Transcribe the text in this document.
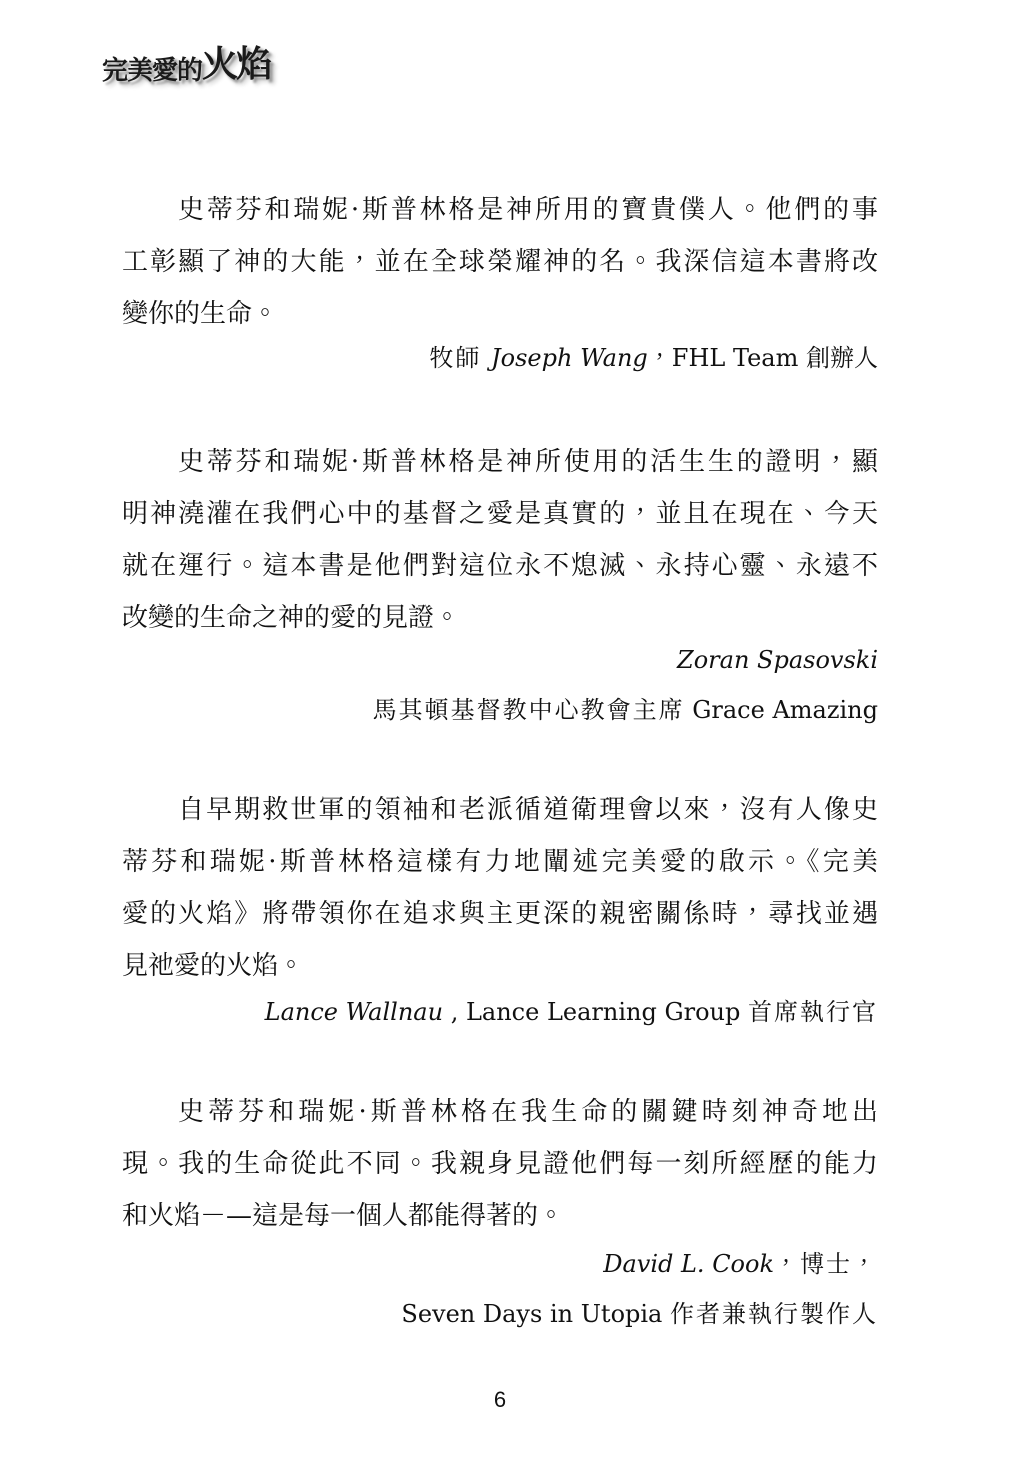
完美愛的火焰
史蒂芬和瑞妮·斯普林格是神所用的寶貴僕人。他們的事
工彰顯了神的大能，並在全球榮耀神的名。我深信這本書將改
變你的生命。
牧師 Joseph Wang，FHL Team 創辦人
史蒂芬和瑞妮·斯普林格是神所使用的活生生的證明，顯
明神澆灌在我們心中的基督之愛是真實的，並且在現在、今天
就在運行。這本書是他們對這位永不熄滅、永持心靈、永遠不
改變的生命之神的愛的見證。
Zoran Spasovski
馬其頓基督教中心教會主席 Grace Amazing
自早期救世軍的領袖和老派循道衛理會以來，沒有人像史
蒂芬和瑞妮·斯普林格這樣有力地闡述完美愛的啟示。《完美
愛的火焰》將帶領你在追求與主更深的親密關係時，尋找並遇
見祂愛的火焰。
Lance Wallnau , Lance Learning Group 首席執行官
史蒂芬和瑞妮·斯普林格在我生命的關鍵時刻神奇地出
現。我的生命從此不同。我親身見證他們每一刻所經歷的能力
和火焰－—這是每一個人都能得著的。
David L. Cook，博士，
Seven Days in Utopia 作者兼執行製作人
6
